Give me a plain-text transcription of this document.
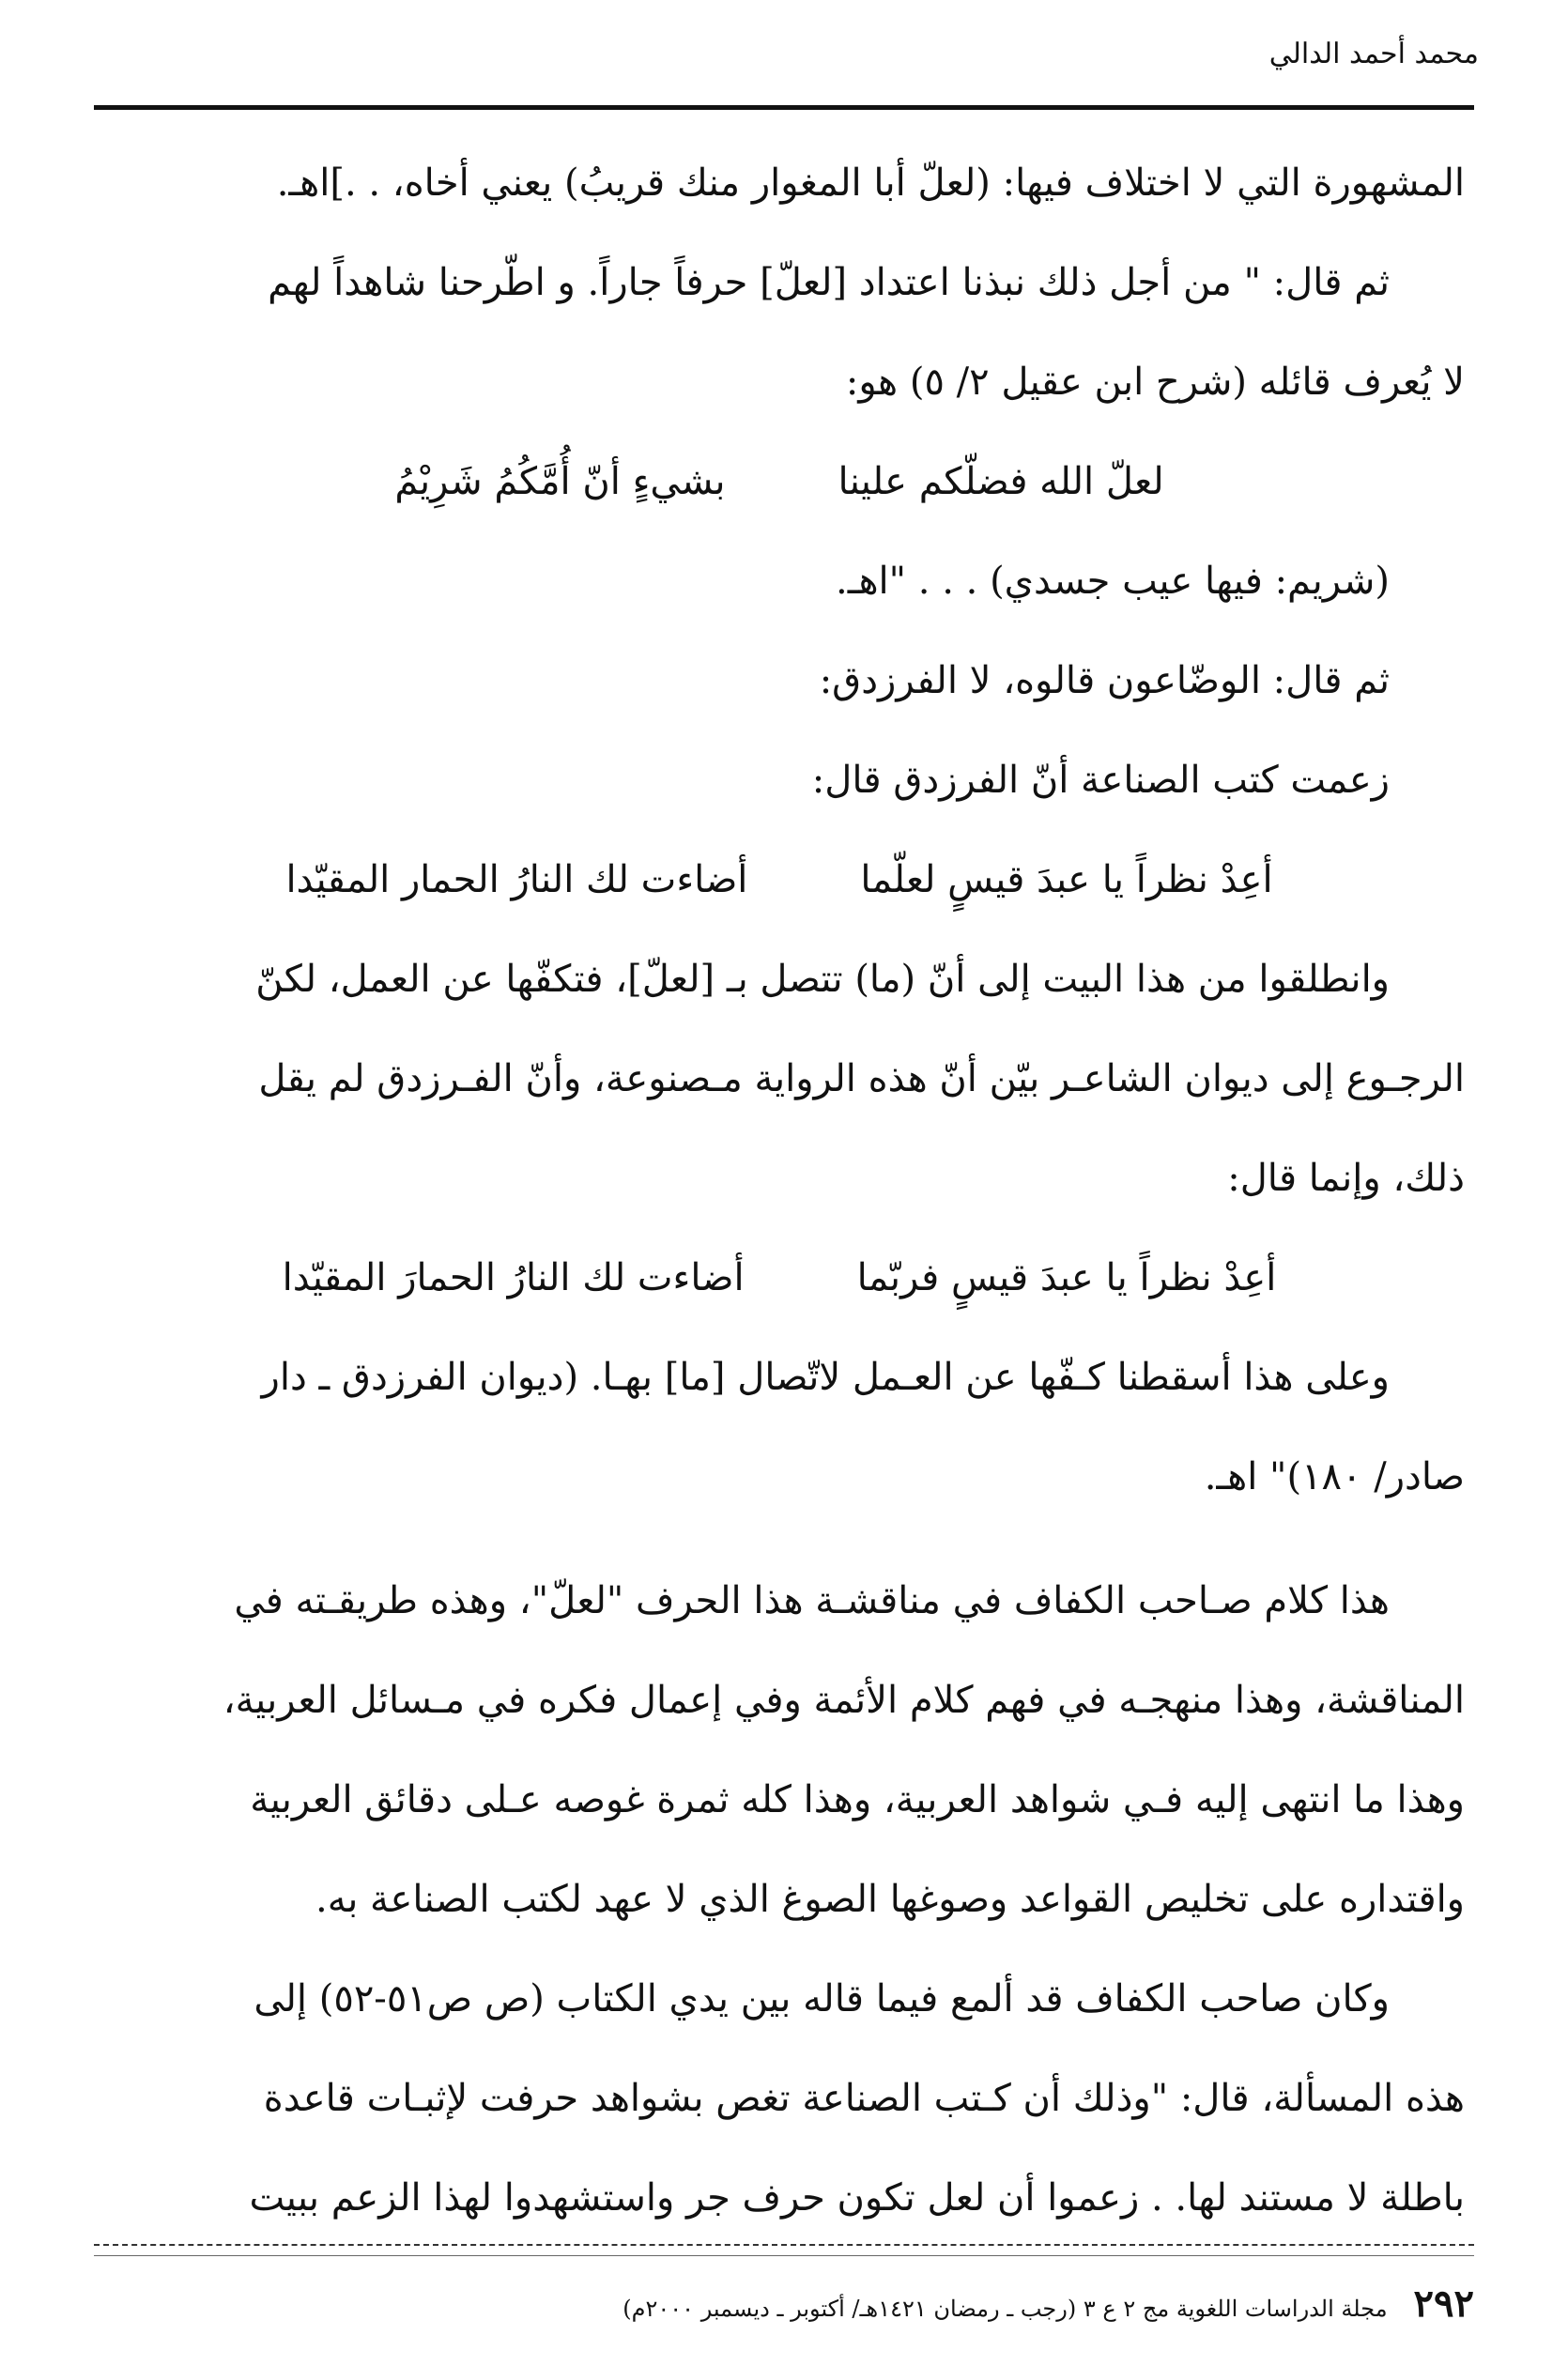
محمد أحمد الدالي
المشهورة التي لا اختلاف فيها: (لعلّ أبا المغوار منك قريبُ) يعني أخاه، . .]اهـ.
ثم قال: " من أجل ذلك نبذنا اعتداد [لعلّ] حرفاً جاراً. و اطّرحنا شاهداً لهم
لا يُعرف قائله (شرح ابن عقيل ٢/ ٥) هو:
لعلّ الله فضلّكم علينا
بشيءٍ أنّ أُمَّكُمُ شَرِيْمُ
(شريم: فيها عيب جسدي) . . . "اهـ.
ثم قال: الوضّاعون قالوه، لا الفرزدق:
زعمت كتب الصناعة أنّ الفرزدق قال:
أعِدْ نظراً يا عبدَ قيسٍ لعلّما
أضاءت لك النارُ الحمار المقيّدا
وانطلقوا من هذا البيت إلى أنّ (ما) تتصل بـ [لعلّ]، فتكفّها عن العمل، لكنّ
الرجـوع إلى ديوان الشاعـر بيّن أنّ هذه الرواية مـصنوعة، وأنّ الفـرزدق لم يقل
ذلك، وإنما قال:
أعِدْ نظراً يا عبدَ قيسٍ فربّما
أضاءت لك النارُ الحمارَ المقيّدا
وعلى هذا أسقطنا كـفّها عن العـمل لاتّصال [ما] بهـا. (ديوان الفرزدق ـ دار
صادر/ ١٨٠)" اهـ.
هذا كلام صـاحب الكفاف في مناقشـة هذا الحرف "لعلّ"، وهذه طريقـته في
المناقشة، وهذا منهجـه في فهم كلام الأئمة وفي إعمال فكره في مـسائل العربية،
وهذا ما انتهى إليه فـي شواهد العربية، وهذا كله ثمرة غوصه عـلى دقائق العربية
واقتداره على تخليص القواعد وصوغها الصوغ الذي لا عهد لكتب الصناعة به.
وكان صاحب الكفاف قد ألمع فيما قاله بين يدي الكتاب (ص ص٥١-٥٢) إلى
هذه المسألة، قال: "وذلك أن كـتب الصناعة تغص بشواهد حرفت لإثبـات قاعدة
باطلة لا مستند لها. . زعموا أن لعل تكون حرف جر واستشهدوا لهذا الزعم ببيت
٢٩٢
مجلة الدراسات اللغوية مج ٢ ع ٣ (رجب ـ رمضان ١٤٢١هـ/ أكتوبر ـ ديسمبر ٢٠٠٠م)
